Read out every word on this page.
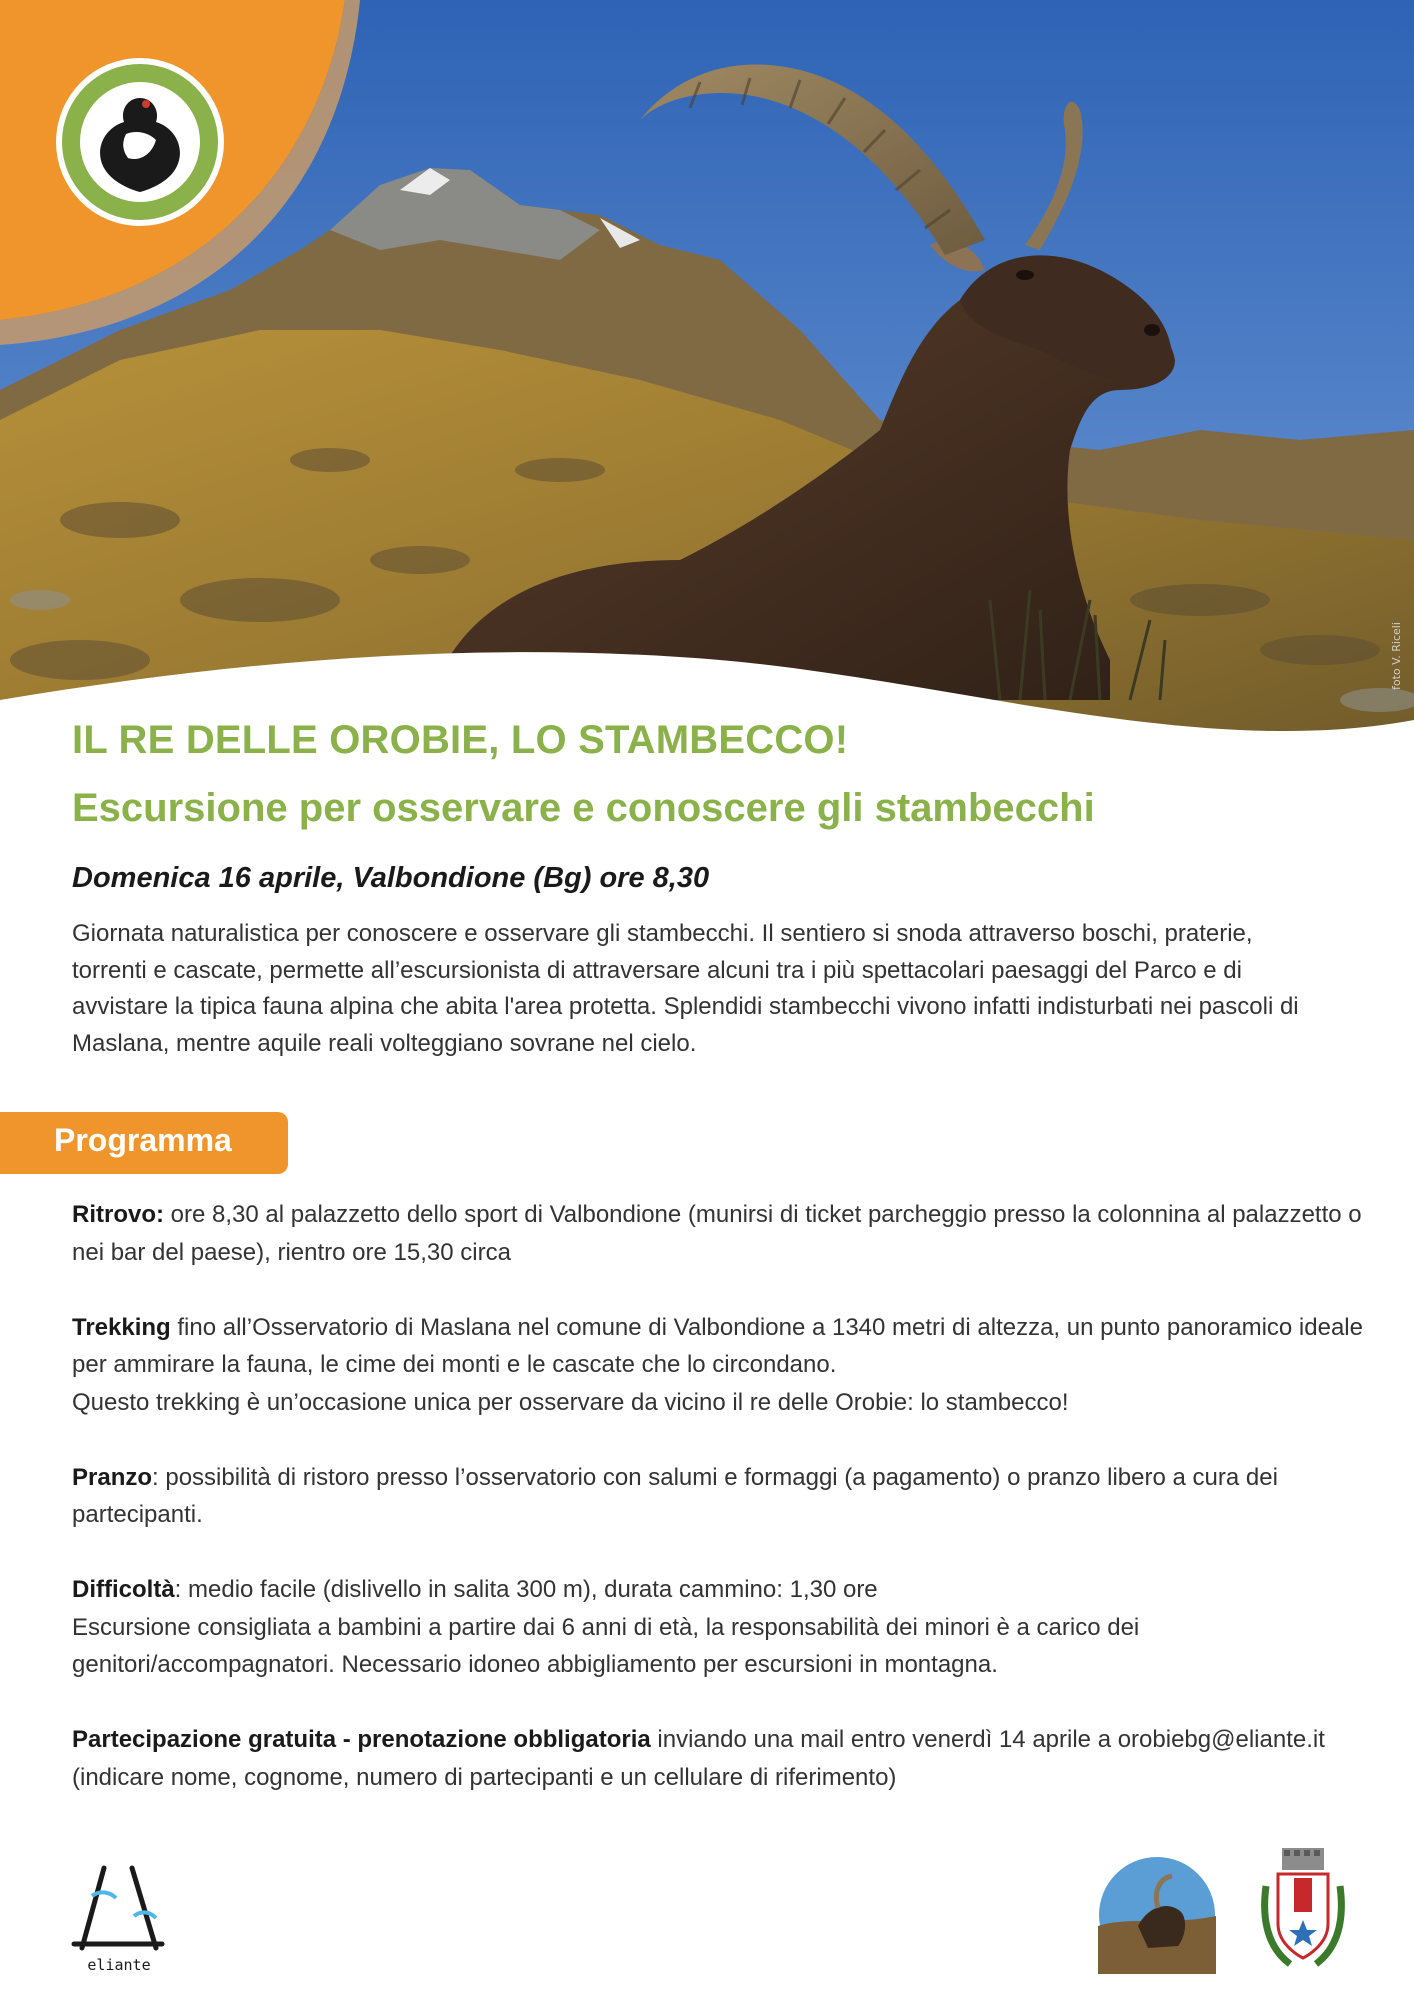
foto V. Riceli
IL RE DELLE OROBIE, LO STAMBECCO!
Escursione per osservare e conoscere gli stambecchi
Domenica 16 aprile, Valbondione (Bg) ore 8,30

Giornata naturalistica per conoscere e osservare gli stambecchi. Il sentiero si snoda attraverso boschi, praterie, torrenti e cascate, permette all’escursionista di attraversare alcuni tra i più spettacolari paesaggi del Parco e di avvistare la tipica fauna alpina che abita l'area protetta. Splendidi stambecchi vivono infatti indisturbati nei pascoli di Maslana, mentre aquile reali volteggiano sovrane nel cielo.

Programma

Ritrovo: ore 8,30 al palazzetto dello sport di Valbondione (munirsi di ticket parcheggio presso la colonnina al palazzetto o nei bar del paese), rientro ore 15,30 circa

Trekking fino all’Osservatorio di Maslana nel comune di Valbondione a 1340 metri di altezza, un punto panoramico ideale per ammirare la fauna, le cime dei monti e le cascate che lo circondano.
Questo trekking è un’occasione unica per osservare da vicino il re delle Orobie: lo stambecco!

Pranzo: possibilità di ristoro presso l’osservatorio con salumi e formaggi (a pagamento) o pranzo libero a cura dei partecipanti.

Difficoltà: medio facile (dislivello in salita 300 m), durata cammino: 1,30 ore
Escursione consigliata a bambini a partire dai 6 anni di età, la responsabilità dei minori è a carico dei genitori/accompagnatori. Necessario idoneo abbigliamento per escursioni in montagna.

Partecipazione gratuita - prenotazione obbligatoria inviando una mail entro venerdì 14 aprile a orobiebg@eliante.it (indicare nome, cognome, numero di partecipanti e un cellulare di riferimento)

eliante
